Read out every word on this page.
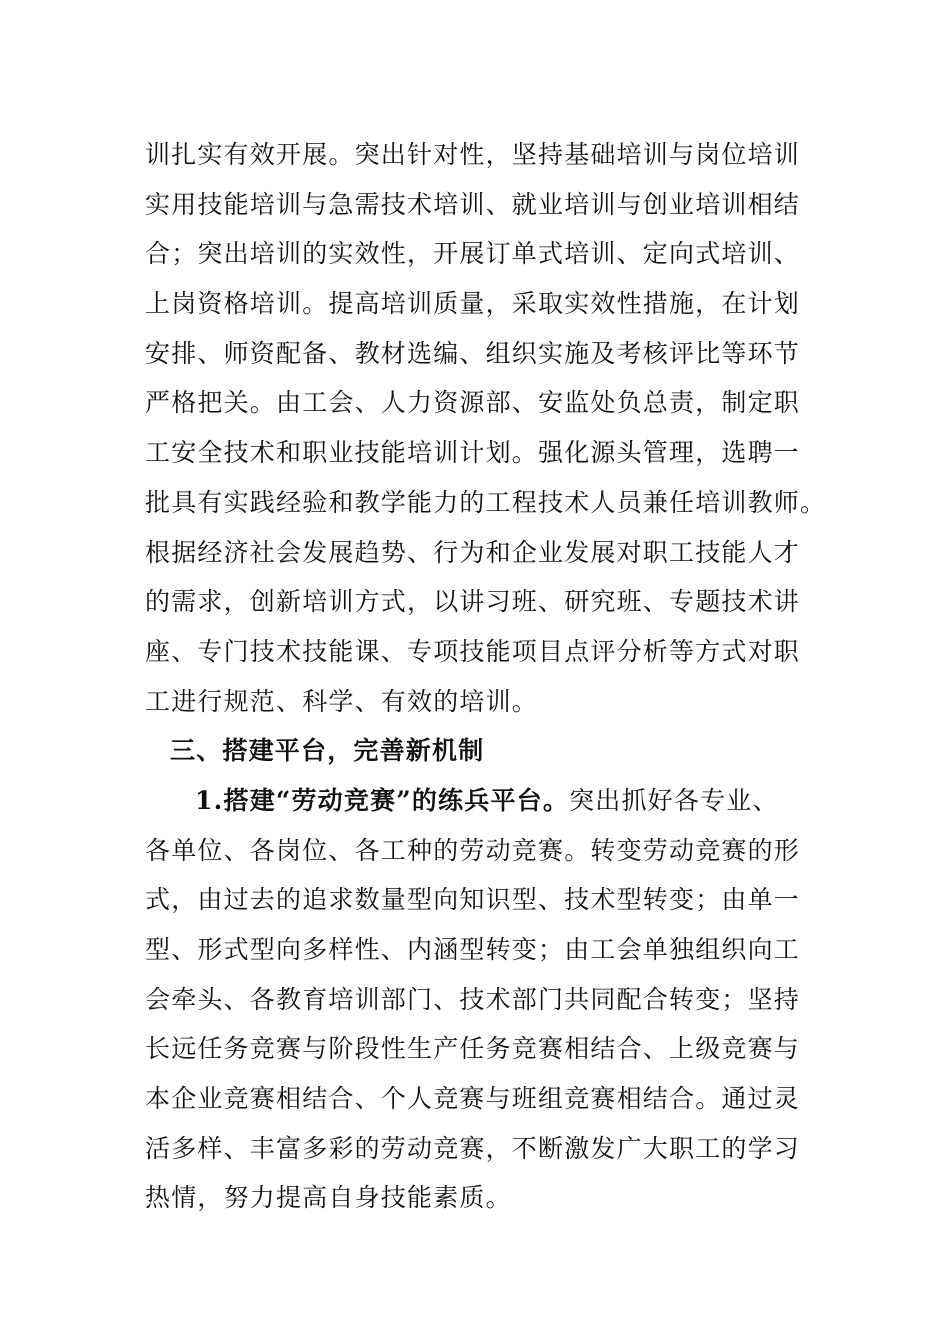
训扎实有效开展。突出针对性，坚持基础培训与岗位培训
实用技能培训与急需技术培训、就业培训与创业培训相结
合；突出培训的实效性，开展订单式培训、定向式培训、
上岗资格培训。提高培训质量，采取实效性措施，在计划
安排、师资配备、教材选编、组织实施及考核评比等环节
严格把关。由工会、人力资源部、安监处负总责，制定职
工安全技术和职业技能培训计划。强化源头管理，选聘一
批具有实践经验和教学能力的工程技术人员兼任培训教师。
根据经济社会发展趋势、行为和企业发展对职工技能人才
的需求，创新培训方式，以讲习班、研究班、专题技术讲
座、专门技术技能课、专项技能项目点评分析等方式对职
工进行规范、科学、有效的培训。
三、搭建平台，完善新机制
1.搭建“劳动竞赛”的练兵平台。突出抓好各专业、
各单位、各岗位、各工种的劳动竞赛。转变劳动竞赛的形
式，由过去的追求数量型向知识型、技术型转变；由单一
型、形式型向多样性、内涵型转变；由工会单独组织向工
会牵头、各教育培训部门、技术部门共同配合转变；坚持
长远任务竞赛与阶段性生产任务竞赛相结合、上级竞赛与
本企业竞赛相结合、个人竞赛与班组竞赛相结合。通过灵
活多样、丰富多彩的劳动竞赛，不断激发广大职工的学习
热情，努力提高自身技能素质。
